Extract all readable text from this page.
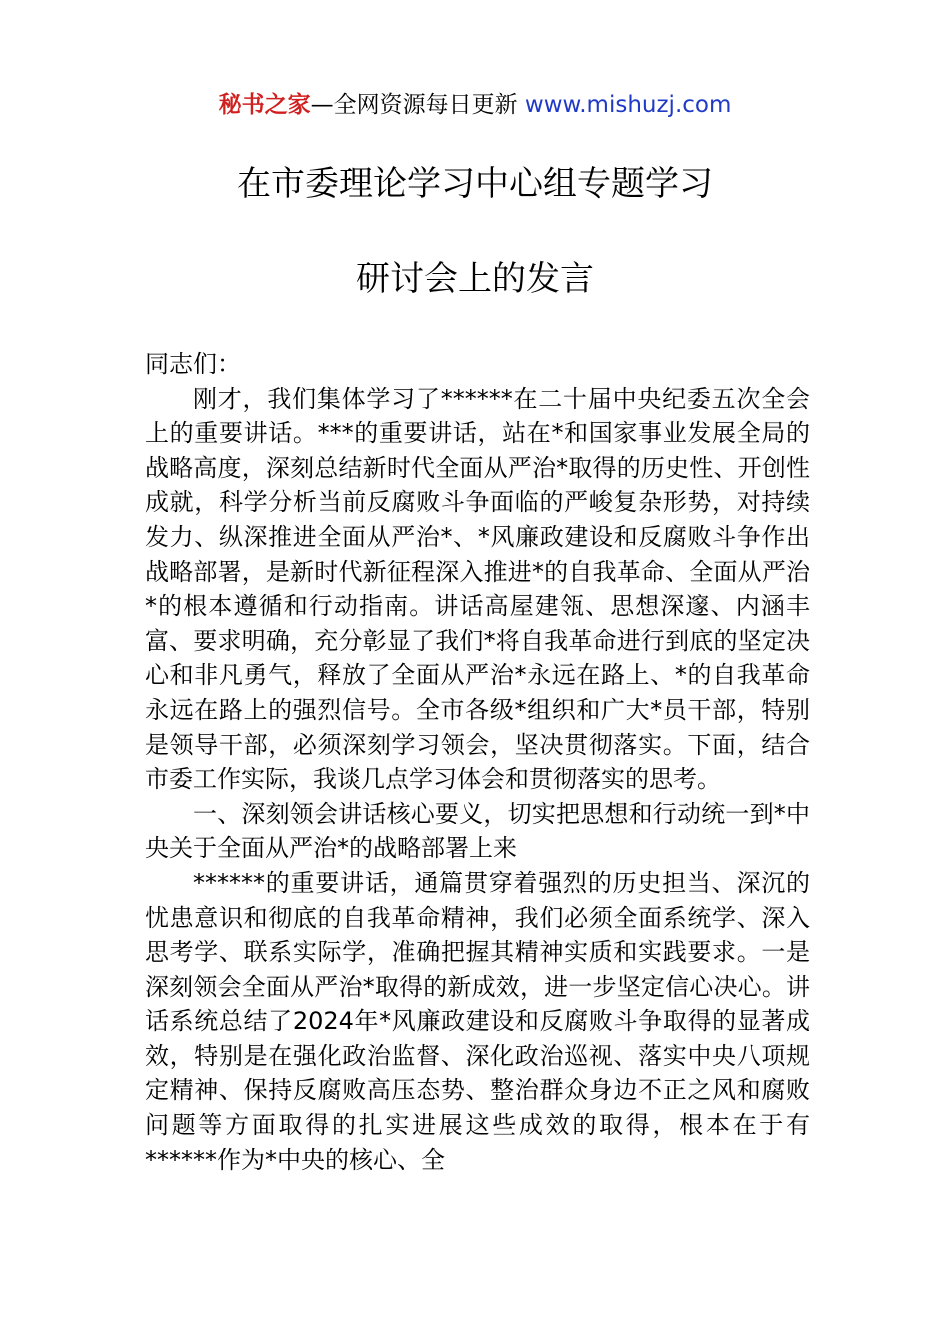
秘书之家—全网资源每日更新 www.mishuzj.com
在市委理论学习中心组专题学习
研讨会上的发言

同志们：

刚才，我们集体学习了******在二十届中央纪委五次全会上的重要讲话。***的重要讲话，站在*和国家事业发展全局的战略高度，深刻总结新时代全面从严治*取得的历史性、开创性成就，科学分析当前反腐败斗争面临的严峻复杂形势，对持续发力、纵深推进全面从严治*、*风廉政建设和反腐败斗争作出战略部署，是新时代新征程深入推进*的自我革命、全面从严治*的根本遵循和行动指南。讲话高屋建瓴、思想深邃、内涵丰富、要求明确，充分彰显了我们*将自我革命进行到底的坚定决心和非凡勇气，释放了全面从严治*永远在路上、*的自我革命永远在路上的强烈信号。全市各级*组织和广大*员干部，特别是领导干部，必须深刻学习领会，坚决贯彻落实。下面，结合市委工作实际，我谈几点学习体会和贯彻落实的思考。

一、深刻领会讲话核心要义，切实把思想和行动统一到*中央关于全面从严治*的战略部署上来

******的重要讲话，通篇贯穿着强烈的历史担当、深沉的忧患意识和彻底的自我革命精神，我们必须全面系统学、深入思考学、联系实际学，准确把握其精神实质和实践要求。一是深刻领会全面从严治*取得的新成效，进一步坚定信心决心。讲话系统总结了2024年*风廉政建设和反腐败斗争取得的显著成效，特别是在强化政治监督、深化政治巡视、落实中央八项规定精神、保持反腐败高压态势、整治群众身边不正之风和腐败问题等方面取得的扎实进展这些成效的取得，根本在于有******作为*中央的核心、全
